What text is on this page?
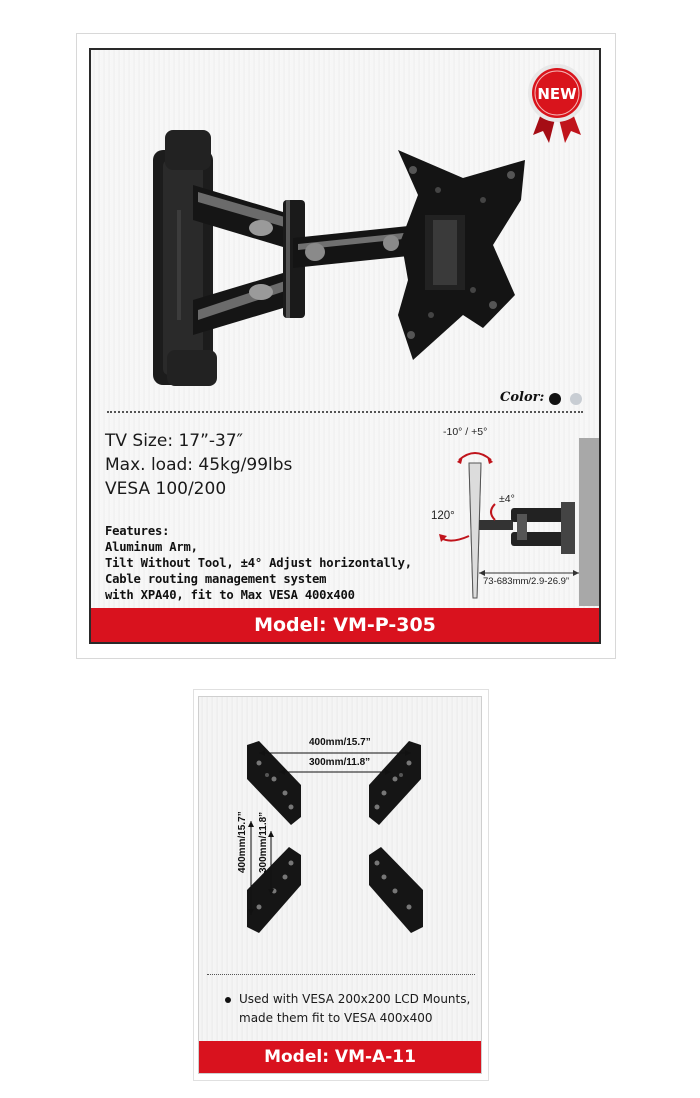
NEW
Color:
TV Size: 17”-37″
Max. load: 45kg/99lbs
VESA 100/200
Features:
Aluminum Arm,
Tilt Without Tool, ±4° Adjust horizontally,
Cable routing management system
with XPA40, fit to Max VESA 400x400
-10° / +5°
±4°
120°
73-683mm/2.9-26.9”
Model: VM-P-305
400mm/15.7”
300mm/11.8”
400mm/15.7” 300mm/11.8”
Used with VESA 200x200 LCD Mounts,
made them fit to VESA 400x400
Model: VM-A-11
